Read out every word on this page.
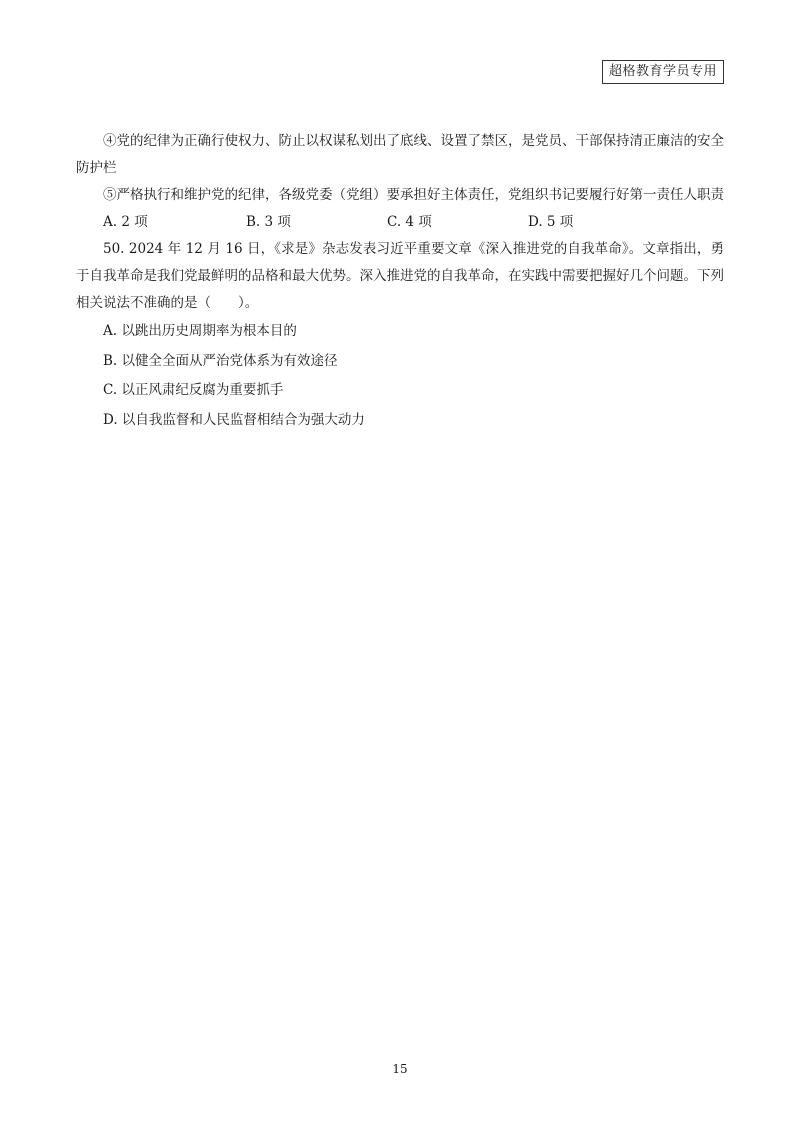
超格教育学员专用

④党的纪律为正确行使权力、防止以权谋私划出了底线、设置了禁区，是党员、干部保持清正廉洁的安全防护栏

⑤严格执行和维护党的纪律，各级党委（党组）要承担好主体责任，党组织书记要履行好第一责任人职责

A. 2 项	B. 3 项	C. 4 项	D. 5 项

50. 2024 年 12 月 16 日，《求是》杂志发表习近平重要文章《深入推进党的自我革命》。文章指出，勇于自我革命是我们党最鲜明的品格和最大优势。深入推进党的自我革命，在实践中需要把握好几个问题。下列相关说法不准确的是（　　）。

A. 以跳出历史周期率为根本目的

B. 以健全全面从严治党体系为有效途径

C. 以正风肃纪反腐为重要抓手

D. 以自我监督和人民监督相结合为强大动力

15
